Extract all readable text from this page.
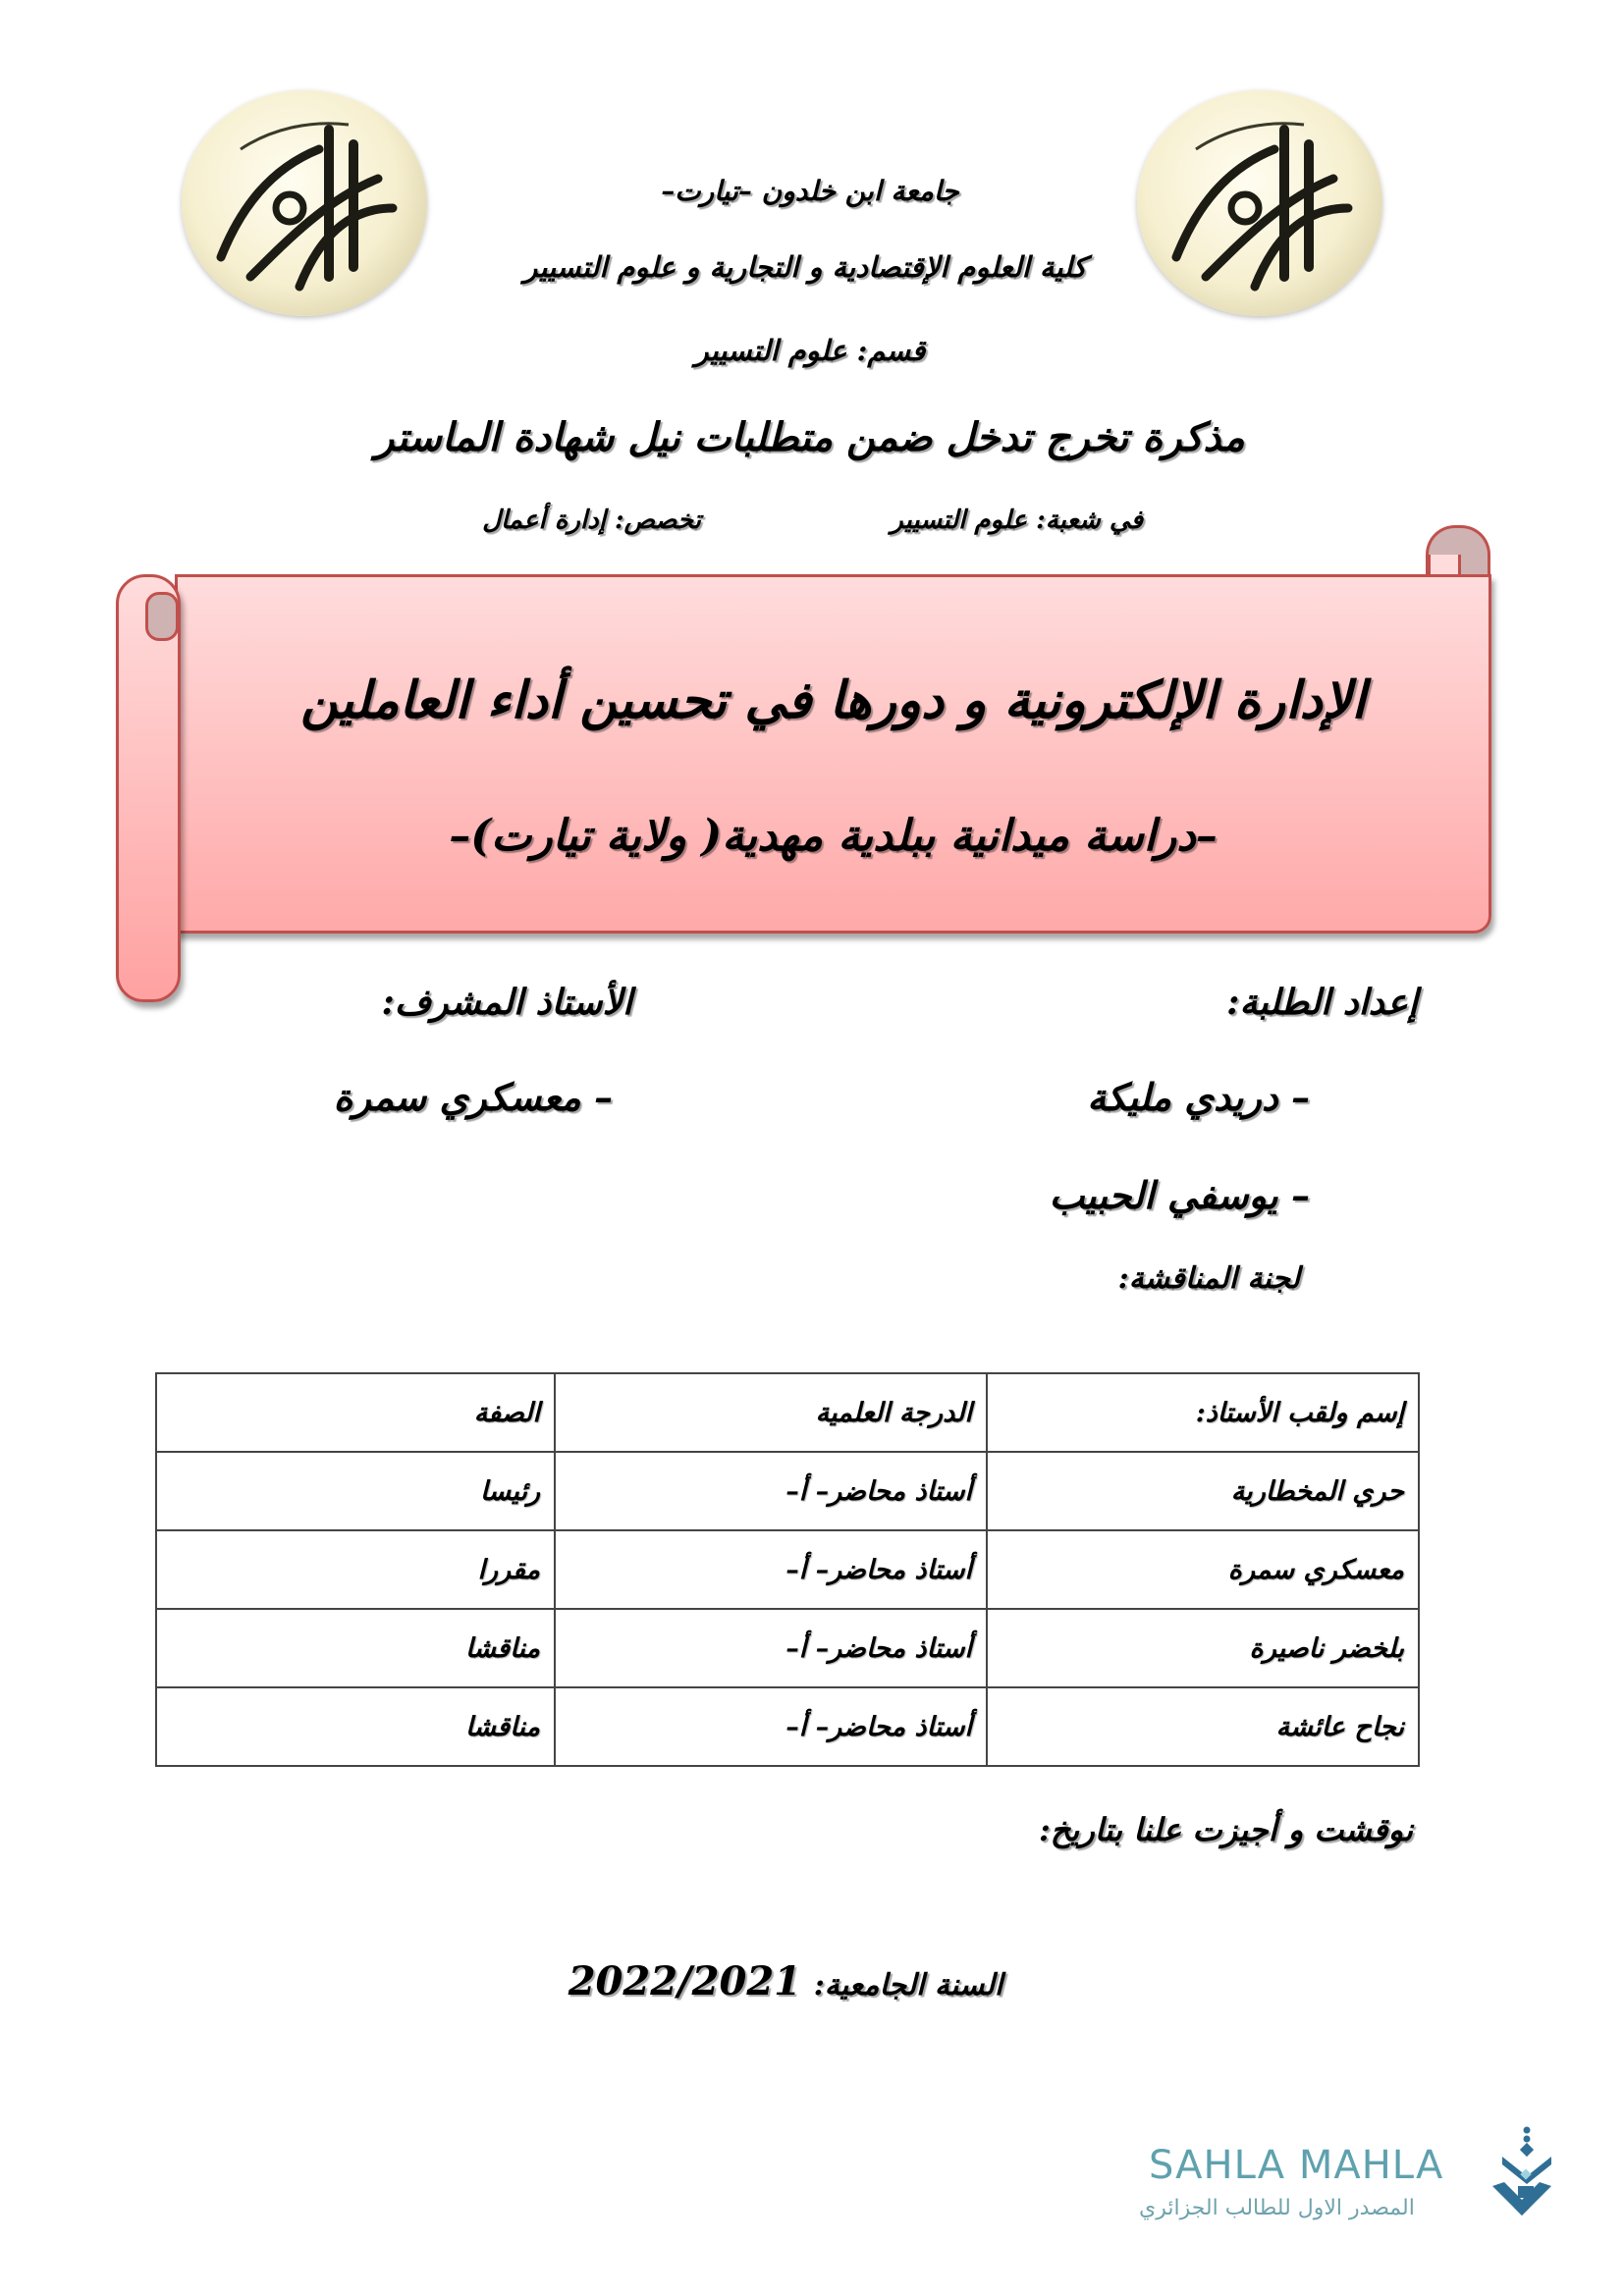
جامعة ابن خلدون –تيارت–
كلية العلوم الإقتصادية و التجارية و علوم التسيير
قسم: علوم التسيير
مذكرة تخرج تدخل ضمن متطلبات نيل شهادة الماستر
في شعبة: علوم التسيير
تخصص: إدارة أعمال
الإدارة الإلكترونية و دورها في تحسين أداء العاملين
–دراسة ميدانية ببلدية مهدية( ولاية تيارت)–
إعداد الطلبة:
الأستاذ المشرف:
– دريدي مليكة
– معسكري سمرة
– يوسفي الحبيب
لجنة المناقشة:
إسم ولقب الأستاذ:	الدرجة العلمية	الصفة
حري المخطارية	أستاذ محاضر– أ–	رئيسا
معسكري سمرة	أستاذ محاضر– أ–	مقررا
بلخضر ناصيرة	أستاذ محاضر– أ–	مناقشا
نجاح عائشة	أستاذ محاضر– أ–	مناقشا
نوقشت و أجيزت علنا بتاريخ:
السنة الجامعية: 2022/2021
SAHLA MAHLA
المصدر الاول للطالب الجزائري
